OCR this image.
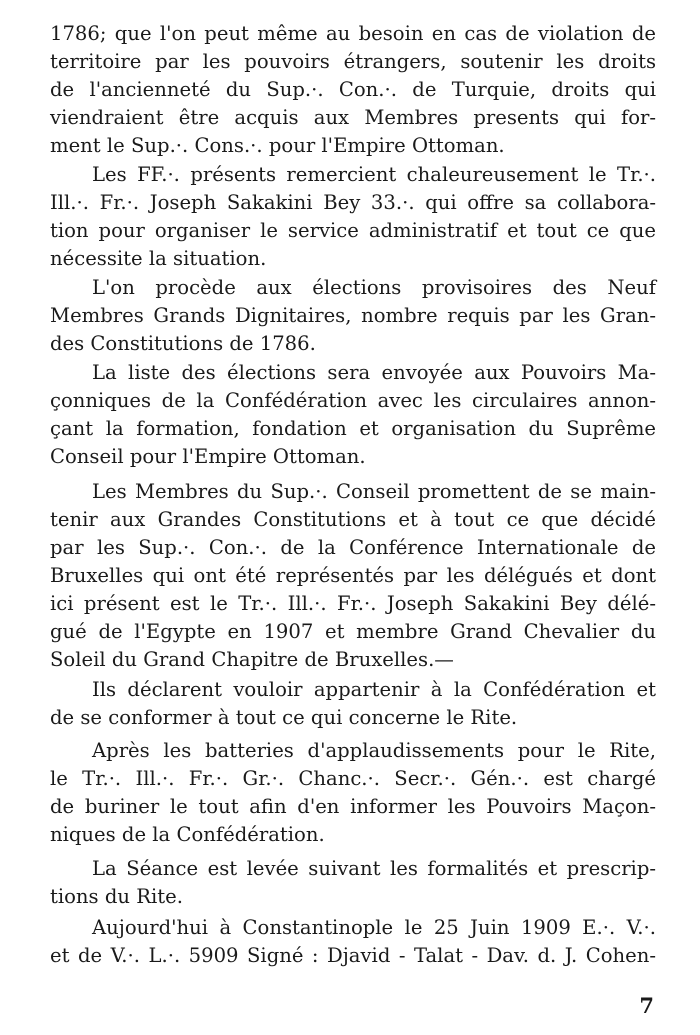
1786; que l'on peut même au besoin en cas de violation de
territoire par les pouvoirs étrangers, soutenir les droits
de l'ancienneté du Sup.·. Con.·. de Turquie, droits qui
viendraient être acquis aux Membres presents qui for-
ment le Sup.·. Cons.·. pour l'Empire Ottoman.
Les FF.·. présents remercient chaleureusement le Tr.·.
Ill.·. Fr.·. Joseph Sakakini Bey 33.·. qui offre sa collabora-
tion pour organiser le service administratif et tout ce que
nécessite la situation.
L'on procède aux élections provisoires des Neuf
Membres Grands Dignitaires, nombre requis par les Gran-
des Constitutions de 1786.
La liste des élections sera envoyée aux Pouvoirs Ma-
çonniques de la Confédération avec les circulaires annon-
çant la formation, fondation et organisation du Suprême
Conseil pour l'Empire Ottoman.
Les Membres du Sup.·. Conseil promettent de se main-
tenir aux Grandes Constitutions et à tout ce que décidé
par les Sup.·. Con.·. de la Conférence Internationale de
Bruxelles qui ont été représentés par les délégués et dont
ici présent est le Tr.·. Ill.·. Fr.·. Joseph Sakakini Bey délé-
gué de l'Egypte en 1907 et membre Grand Chevalier du
Soleil du Grand Chapitre de Bruxelles.—
Ils déclarent vouloir appartenir à la Confédération et
de se conformer à tout ce qui concerne le Rite.
Après les batteries d'applaudissements pour le Rite,
le Tr.·. Ill.·. Fr.·. Gr.·. Chanc.·. Secr.·. Gén.·. est chargé
de buriner le tout afin d'en informer les Pouvoirs Maçon-
niques de la Confédération.
La Séance est levée suivant les formalités et prescrip-
tions du Rite.
Aujourd'hui à Constantinople le 25 Juin 1909 E.·. V.·.
et de V.·. L.·. 5909 Signé : Djavid - Talat - Dav. d. J. Cohen-
7
